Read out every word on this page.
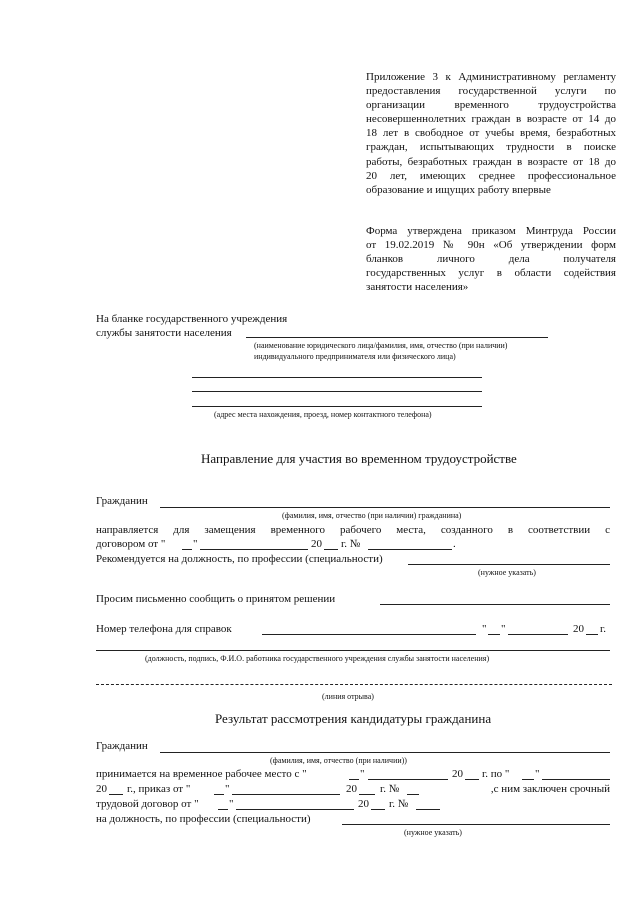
Приложение 3 к Административному регламенту
предоставления государственной услуги по
организации временного трудоустройства
несовершеннолетних граждан в возрасте от 14 до
18 лет в свободное от учебы время, безработных
граждан, испытывающих трудности в поиске
работы, безработных граждан в возрасте от 18 до
20 лет, имеющих среднее профессиональное
образование и ищущих работу впервые
Форма утверждена приказом Минтруда России
от 19.02.2019 № 90н «Об утверждении форм
бланков личного дела получателя
государственных услуг в области содействия
занятости населения»
На бланке государственного учреждения
службы занятости населения
(наименование юридического лица/фамилия, имя, отчество (при наличии)
индивидуального предпринимателя или физического лица)
(адрес места нахождения, проезд, номер контактного телефона)
Направление для участия во временном трудоустройстве
Гражданин
(фамилия, имя, отчество (при наличии) гражданина)
направляется для замещения временного рабочего места, созданного в соответствии с
договором от "	"	20 г. №	.
Рекомендуется на должность, по профессии (специальности)
(нужное указать)
Просим письменно сообщить о принятом решении
Номер телефона для справок	" "	20 г.
(должность, подпись, Ф.И.О. работника государственного учреждения службы занятости населения)
(линия отрыва)
Результат рассмотрения кандидатуры гражданина
Гражданин
(фамилия, имя, отчество (при наличии))
принимается на временное рабочее место с "	"	20 г. по " "
20 г., приказ от "	"	20 г. №	,с ним заключен срочный
трудовой договор от "	"	20 г. №
на должность, по профессии (специальности)
(нужное указать)
